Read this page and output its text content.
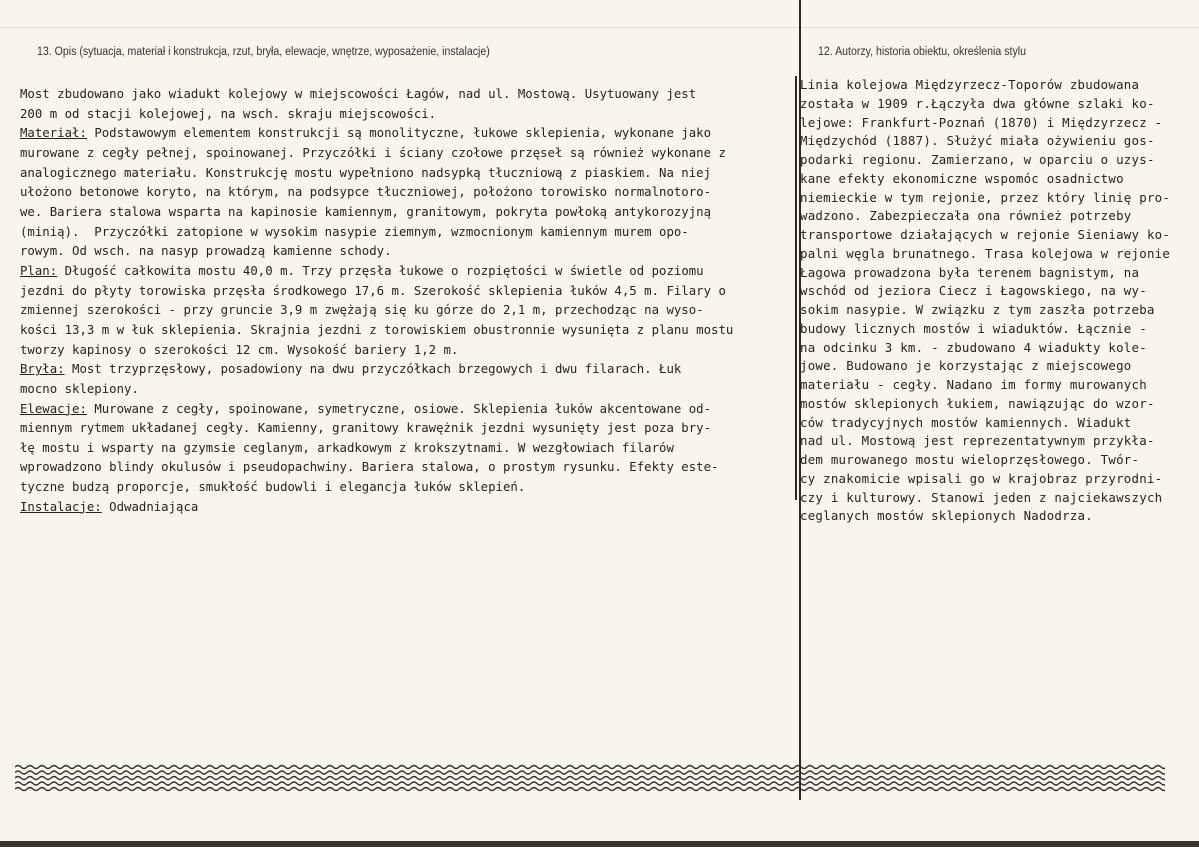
13. Opis (sytuacja, materiał i konstrukcja, rzut, bryła, elewacje, wnętrze, wyposażenie, instalacje)	12. Autorzy, historia obiektu, określenia stylu
Most zbudowano jako wiadukt kolejowy w miejscowości Łagów, nad ul. Mostową. Usytuowany jest
200 m od stacji kolejowej, na wsch. skraju miejscowości.
Materiał: Podstawowym elementem konstrukcji są monolityczne, łukowe sklepienia, wykonane jako
murowane z cegły pełnej, spoinowanej. Przyczółki i ściany czołowe przęseł są również wykonane z
analogicznego materiału. Konstrukcję mostu wypełniono nadsypką tłuczniową z piaskiem. Na niej
ułożono betonowe koryto, na którym, na podsypce tłuczniowej, położono torowisko normalnotoro-
we. Bariera stalowa wsparta na kapinosie kamiennym, granitowym, pokryta powłoką antykorozyjną
(minią).  Przyczółki zatopione w wysokim nasypie ziemnym, wzmocnionym kamiennym murem opo-
rowym. Od wsch. na nasyp prowadzą kamienne schody.
Plan: Długość całkowita mostu 40,0 m. Trzy przęsła łukowe o rozpiętości w świetle od poziomu
jezdni do płyty torowiska przęsła środkowego 17,6 m. Szerokość sklepienia łuków 4,5 m. Filary o
zmiennej szerokości - przy gruncie 3,9 m zwężają się ku górze do 2,1 m, przechodząc na wyso-
kości 13,3 m w łuk sklepienia. Skrajnia jezdni z torowiskiem obustronnie wysunięta z planu mostu
tworzy kapinosy o szerokości 12 cm. Wysokość bariery 1,2 m.
Bryła: Most trzyprzęsłowy, posadowiony na dwu przyczółkach brzegowych i dwu filarach. Łuk
mocno sklepiony.
Elewacje: Murowane z cegły, spoinowane, symetryczne, osiowe. Sklepienia łuków akcentowane od-
miennym rytmem układanej cegły. Kamienny, granitowy krawężnik jezdni wysunięty jest poza bry-
łę mostu i wsparty na gzymsie ceglanym, arkadkowym z krokszytnami. W wezgłowiach filarów
wprowadzono blindy okulusów i pseudopachwiny. Bariera stalowa, o prostym rysunku. Efekty este-
tyczne budzą proporcje, smukłość budowli i elegancja łuków sklepień.
Instalacje: Odwadniająca
Linia kolejowa Międzyrzecz-Toporów zbudowana
została w 1909 r.Łączyła dwa główne szlaki ko-
lejowe: Frankfurt-Poznań (1870) i Międzyrzecz -
Międzychód (1887). Służyć miała ożywieniu gos-
podarki regionu. Zamierzano, w oparciu o uzys-
kane efekty ekonomiczne wspomóc osadnictwo
niemieckie w tym rejonie, przez który linię pro-
wadzono. Zabezpieczała ona również potrzeby
transportowe działających w rejonie Sieniawy ko-
palni węgla brunatnego. Trasa kolejowa w rejonie
Łagowa prowadzona była terenem bagnistym, na
wschód od jeziora Ciecz i Łagowskiego, na wy-
sokim nasypie. W związku z tym zaszła potrzeba
budowy licznych mostów i wiaduktów. Łącznie -
na odcinku 3 km. - zbudowano 4 wiadukty kole-
jowe. Budowano je korzystając z miejscowego
materiału - cegły. Nadano im formy murowanych
mostów sklepionych łukiem, nawiązując do wzor-
ców tradycyjnych mostów kamiennych. Wiadukt
nad ul. Mostową jest reprezentatywnym przykła-
dem murowanego mostu wieloprzęsłowego. Twór-
cy znakomicie wpisali go w krajobraz przyrodni-
czy i kulturowy. Stanowi jeden z najciekawszych
ceglanych mostów sklepionych Nadodrza.
